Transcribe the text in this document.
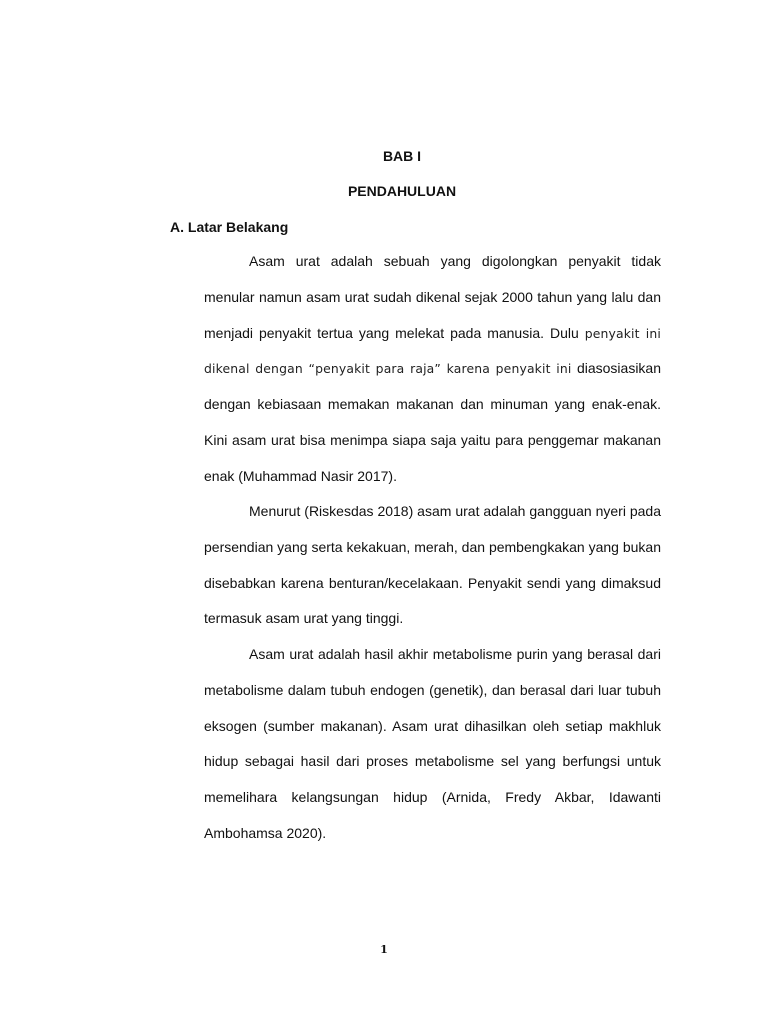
BAB I
PENDAHULUAN
A. Latar Belakang

Asam urat adalah sebuah yang digolongkan penyakit tidak menular namun asam urat sudah dikenal sejak 2000 tahun yang lalu dan menjadi penyakit tertua yang melekat pada manusia. Dulu penyakit ini dikenal dengan “penyakit para raja” karena penyakit ini diasosiasikan dengan kebiasaan memakan makanan dan minuman yang enak-enak. Kini asam urat bisa menimpa siapa saja yaitu para penggemar makanan enak (Muhammad Nasir 2017).

Menurut (Riskesdas 2018) asam urat adalah gangguan nyeri pada persendian yang serta kekakuan, merah, dan pembengkakan yang bukan disebabkan karena benturan/kecelakaan. Penyakit sendi yang dimaksud termasuk asam urat yang tinggi.

Asam urat adalah hasil akhir metabolisme purin yang berasal dari metabolisme dalam tubuh endogen (genetik), dan berasal dari luar tubuh eksogen (sumber makanan). Asam urat dihasilkan oleh setiap makhluk hidup sebagai hasil dari proses metabolisme sel yang berfungsi untuk memelihara kelangsungan hidup (Arnida, Fredy Akbar, Idawanti Ambohamsa 2020).

1
